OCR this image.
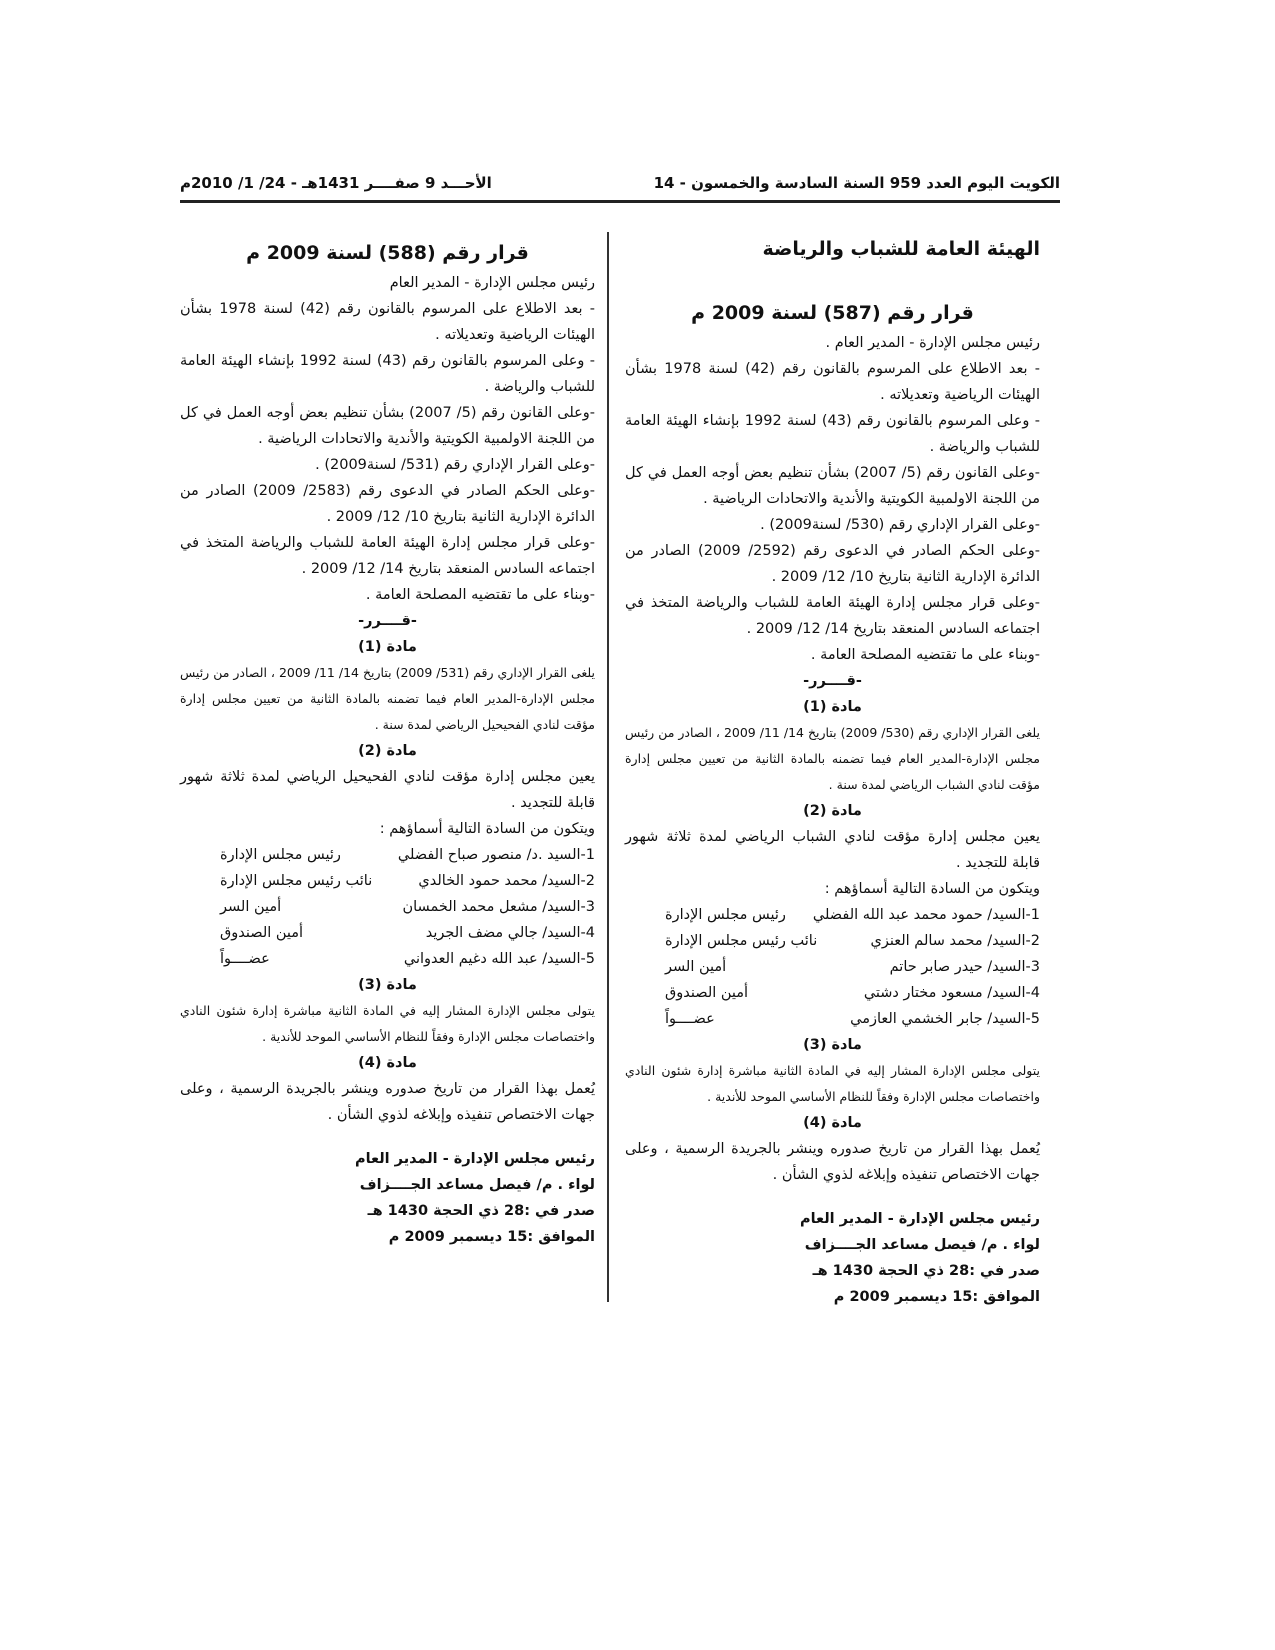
الكويت اليوم العدد 959 السنة السادسة والخمسون - 14
الأحـــد 9 صفــــر 1431هـ - 24/ 1/ 2010م
الهيئة العامة للشباب والرياضة
قرار رقم (587) لسنة 2009 م

رئيس مجلس الإدارة - المدير العام .

- بعد الاطلاع على المرسوم بالقانون رقم (42) لسنة 1978 بشأن الهيئات الرياضية وتعديلاته .

- وعلى المرسوم بالقانون رقم (43) لسنة 1992 بإنشاء الهيئة العامة للشباب والرياضة .

-وعلى القانون رقم (5/ 2007) بشأن تنظيم بعض أوجه العمل في كل من اللجنة الاولمبية الكويتية والأندية والاتحادات الرياضية .

-وعلى القرار الإداري رقم (530/ لسنة2009) .

-وعلى الحكم الصادر في الدعوى رقم (2592/ 2009) الصادر من الدائرة الإدارية الثانية بتاريخ 10/ 12/ 2009 .

-وعلى قرار مجلس إدارة الهيئة العامة للشباب والرياضة المتخذ في اجتماعه السادس المنعقد بتاريخ 14/ 12/ 2009 .

-وبناء على ما تقتضيه المصلحة العامة .

-قــــرر-

مادة (1)

يلغى القرار الإداري رقم (530/ 2009) بتاريخ 14/ 11/ 2009 ، الصادر من رئيس مجلس الإدارة-المدير العام فيما تضمنه بالمادة الثانية من تعيين مجلس إدارة مؤقت لنادي الشباب الرياضي لمدة سنة .

مادة (2)

يعين مجلس إدارة مؤقت لنادي الشباب الرياضي لمدة ثلاثة شهور قابلة للتجديد .

ويتكون من السادة التالية أسماؤهم :

1-السيد/ حمود محمد عبد الله الفضلي
رئيس مجلس الإدارة

2-السيد/ محمد سالم العنزي
نائب رئيس مجلس الإدارة

3-السيد/ حيدر صابر حاتم
أمين السر

4-السيد/ مسعود مختار دشتي
أمين الصندوق

5-السيد/ جابر الخشمي العازمي
عضــــواً

مادة (3)

يتولى مجلس الإدارة المشار إليه في المادة الثانية مباشرة إدارة شئون النادي واختصاصات مجلس الإدارة وفقاً للنظام الأساسي الموحد للأندية .

مادة (4)

يُعمل بهذا القرار من تاريخ صدوره وينشر بالجريدة الرسمية ، وعلى جهات الاختصاص تنفيذه وإبلاغه لذوي الشأن .

رئيس مجلس الإدارة - المدير العام

لواء . م/ فيصل مساعد الجــــزاف

صدر في :28 ذي الحجة 1430 هـ

الموافق :15 ديسمبر 2009 م

قرار رقم (588) لسنة 2009 م

رئيس مجلس الإدارة - المدير العام

- بعد الاطلاع على المرسوم بالقانون رقم (42) لسنة 1978 بشأن الهيئات الرياضية وتعديلاته .

- وعلى المرسوم بالقانون رقم (43) لسنة 1992 بإنشاء الهيئة العامة للشباب والرياضة .

-وعلى القانون رقم (5/ 2007) بشأن تنظيم بعض أوجه العمل في كل من اللجنة الاولمبية الكويتية والأندية والاتحادات الرياضية .

-وعلى القرار الإداري رقم (531/ لسنة2009) .

-وعلى الحكم الصادر في الدعوى رقم (2583/ 2009) الصادر من الدائرة الإدارية الثانية بتاريخ 10/ 12/ 2009 .

-وعلى قرار مجلس إدارة الهيئة العامة للشباب والرياضة المتخذ في اجتماعه السادس المنعقد بتاريخ 14/ 12/ 2009 .

-وبناء على ما تقتضيه المصلحة العامة .

-قــــرر-

مادة (1)

يلغى القرار الإداري رقم (531/ 2009) بتاريخ 14/ 11/ 2009 ، الصادر من رئيس مجلس الإدارة-المدير العام فيما تضمنه بالمادة الثانية من تعيين مجلس إدارة مؤقت لنادي الفحيحيل الرياضي لمدة سنة .

مادة (2)

يعين مجلس إدارة مؤقت لنادي الفحيحيل الرياضي لمدة ثلاثة شهور قابلة للتجديد .

ويتكون من السادة التالية أسماؤهم :

1-السيد .د/ منصور صباح الفضلي
رئيس مجلس الإدارة

2-السيد/ محمد حمود الخالدي
نائب رئيس مجلس الإدارة

3-السيد/ مشعل محمد الخمسان
أمين السر

4-السيد/ جالي مضف الجريد
أمين الصندوق

5-السيد/ عبد الله دغيم العدواني
عضــــواً

مادة (3)

يتولى مجلس الإدارة المشار إليه في المادة الثانية مباشرة إدارة شئون النادي واختصاصات مجلس الإدارة وفقاً للنظام الأساسي الموحد للأندية .

مادة (4)

يُعمل بهذا القرار من تاريخ صدوره وينشر بالجريدة الرسمية ، وعلى جهات الاختصاص تنفيذه وإبلاغه لذوي الشأن .

رئيس مجلس الإدارة - المدير العام

لواء . م/ فيصل مساعد الجــــزاف

صدر في :28 ذي الحجة 1430 هـ

الموافق :15 ديسمبر 2009 م
